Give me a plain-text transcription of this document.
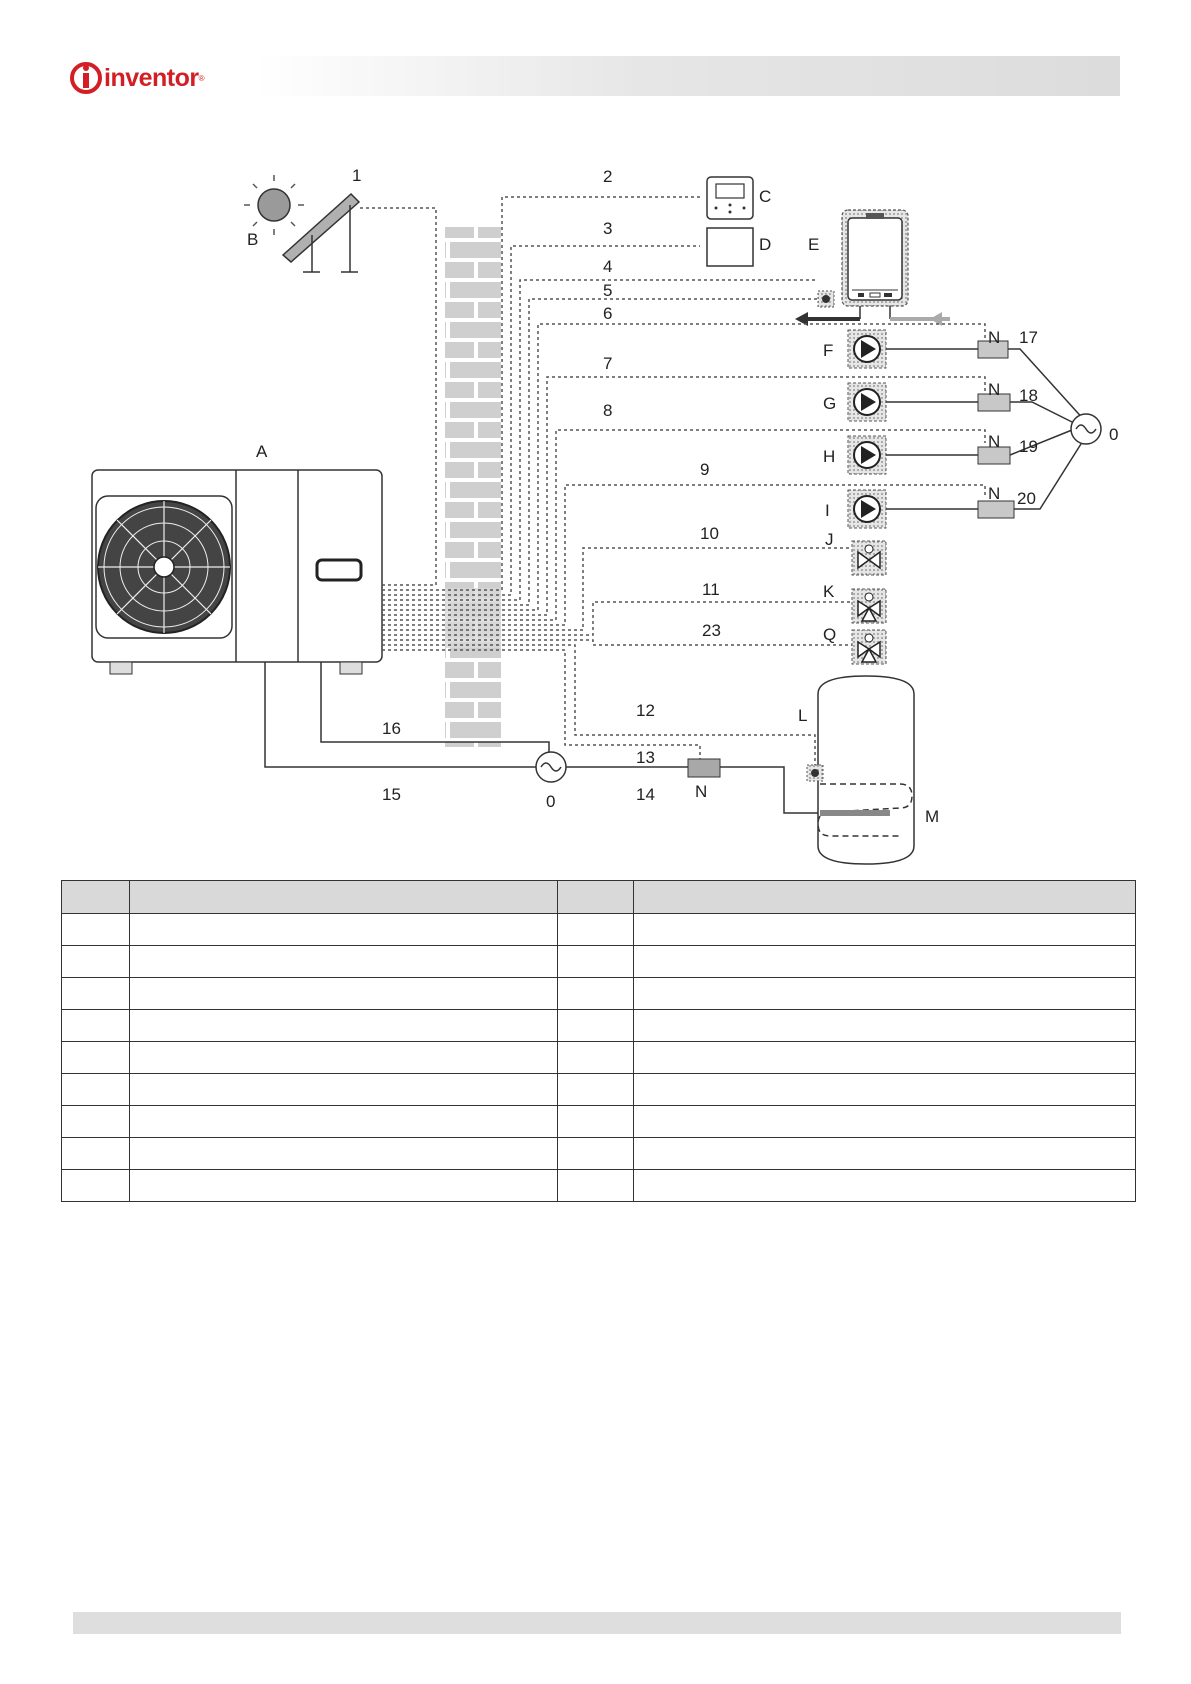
inventor ®
A
B
C
D E
F
G
H
I
J
K
Q
L
M
0
0
N
N
N
N
N
1	2
3
4
5
6
7
8
9
10
11
23
12
13
14
15
16
17
18
19
20
